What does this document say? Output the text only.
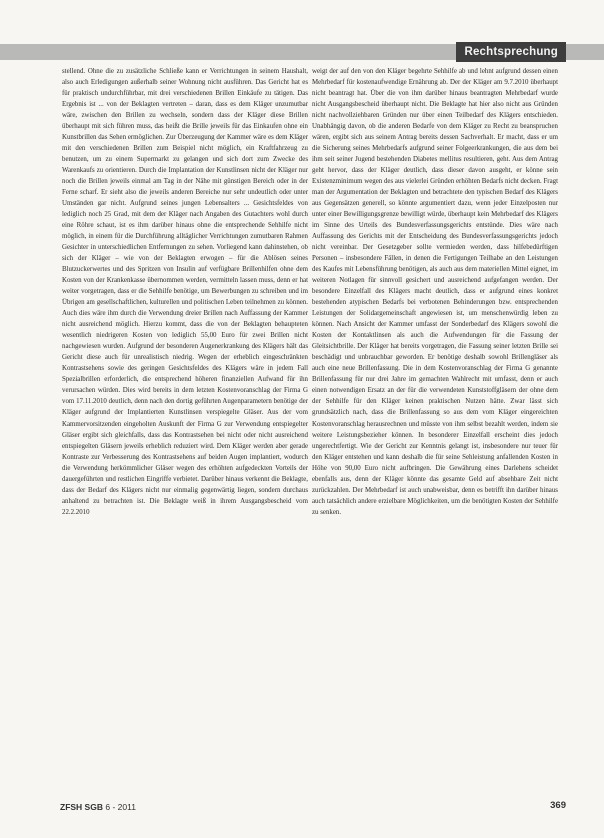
Rechtsprechung

stellend. Ohne die zu zusätzliche Schließe kann er Verrichtungen in seinem Haushalt, also auch Erledigungen außerhalb seiner Wohnung nicht ausführen. Das Gericht hat es für praktisch undurchführbar, mit drei verschiedenen Brillen Einkäufe zu tätigen. Das Ergebnis ist ... von der Beklagten vertreten – daran, dass es dem Kläger unzumutbar wäre, zwischen den Brillen zu wechseln, sondern dass der Kläger diese Brillen überhaupt mit sich führen muss, das heißt die Brille jeweils für das Einkaufen ohne ein Kunstbrillen das Sehen ermöglichen. Zur Überzeugung der Kammer wäre es dem Kläger mit den verschiedenen Brillen zum Beispiel nicht möglich, ein Kraftfahrzeug zu benutzen, um zu einem Supermarkt zu gelangen und sich dort zum Zwecke des Warenkaufs zu orientieren. Durch die Implantation der Kunstlinsen nicht der Kläger nur noch die Brillen jeweils einmal am Tag in der Nähe mit günstigen Bereich oder in der Ferne scharf. Er sieht also die jeweils anderen Bereiche nur sehr undeutlich oder unter Umständen gar nicht. Aufgrund seines jungen Lebensalters ... Gesichtsfeldes von lediglich noch 25 Grad, mit dem der Kläger nach Angaben des Gutachters wohl durch eine Röhre schaut, ist es ihm darüber hinaus ohne die entsprechende Sehhilfe nicht möglich, in einem für die Durchführung alltäglicher Verrichtungen zumutbaren Rahmen Gesichter in unterschiedlichen Entfernungen zu sehen. Vorliegend kann dahinstehen, ob sich der Kläger – wie von der Beklagten erwogen – für die Ablösen seines Blutzuckerwertes und des Spritzen von Insulin auf verfügbare Brillenhilfen ohne dem Kosten von der Krankenkasse übernommen werden, vermitteln lassen muss, denn er hat weiter vorgetragen, dass er die Sehhilfe benötige, um Bewerbungen zu schreiben und im Übrigen am gesellschaftlichen, kulturellen und politischen Leben teilnehmen zu können. Auch dies wäre ihm durch die Verwendung dreier Brillen nach Auffassung der Kammer nicht ausreichend möglich. Hierzu kommt, dass die von der Beklagten behaupteten wesentlich niedrigeren Kosten von lediglich 55,00 Euro für zwei Brillen nicht nachgewiesen wurden. Aufgrund der besonderen Augenerkrankung des Klägers hält das Gericht diese auch für unrealistisch niedrig. Wegen der erheblich eingeschränkten Kontrastsehens sowie des geringen Gesichtsfeldes des Klägers wäre in jedem Fall Spezialbrillen erforderlich, die entsprechend höheren finanziellen Aufwand für ihn verursachen würden. Dies wird bereits in dem letzten Kostenvoranschlag der Firma G vom 17.11.2010 deutlich, denn nach den dortig geführten Augenparametern benötige der Kläger aufgrund der Implantierten Kunstlinsen verspiegelte Gläser. Aus der vom Kammervorsitzenden eingeholten Auskunft der Firma G zur Verwendung entspiegelter Gläser ergibt sich gleichfalls, dass das Kontrastsehen bei nicht oder nicht ausreichend entspiegelten Gläsern jeweils erheblich reduziert wird. Dem Kläger werden aber gerade Kontraste zur Verbesserung des Kontrastsehens auf beiden Augen implantiert, wodurch die Verwendung herkömmlicher Gläser wegen des erhöhten aufgedeckten Vorteils der dauergeführten und restlichen Eingriffe verbietet. Darüber hinaus verkennt die Beklagte, dass der Bedarf des Klägers nicht nur einmalig gegenwärtig liegen, sondern durchaus anhaltend zu betrachten ist. Die Beklagte weiß in ihrem Ausgangsbescheid vom 22.2.2010

weigt der auf den von den Kläger begehrte Sehhilfe ab und lehnt aufgrund dessen einen Mehrbedarf für kostenaufwendige Ernährung ab. Der der Kläger am 9.7.2010 überhaupt nicht beantragt hat. Über die von ihm darüber hinaus beantragten Mehrbedarf wurde nicht Ausgangsbescheid überhaupt nicht. Die Beklagte hat hier also nicht aus Gründen nicht nachvollziehbaren Gründen nur über einen Teilbedarf des Klägers entschieden. Unabhängig davon, ob die anderen Bedarfe von dem Kläger zu Recht zu beanspruchen wären, ergibt sich aus seinem Antrag bereits dessen Sachverhalt. Er macht, dass er um die Sicherung seines Mehrbedarfs aufgrund seiner Folgeerkrankungen, die aus dem bei ihm seit seiner Jugend bestehenden Diabetes mellitus resultieren, geht. Aus dem Antrag geht hervor, dass der Kläger deutlich, dass dieser davon ausgeht, er könne sein Existenzminimum wegen des aus vielerlei Gründen erhöhten Bedarfs nicht decken. Fragt man der Argumentation der Beklagten und betrachtete den typischen Bedarf des Klägers aus Gegensätzen generell, so könnte argumentiert dazu, wenn jeder Einzelposten nur unter einer Bewilligungsgrenze bewilligt würde, überhaupt kein Mehrbedarf des Klägers im Sinne des Urteils des Bundesverfassungsgerichts entstünde. Dies wäre nach Auffassung des Gerichts mit der Entscheidung des Bundesverfassungsgerichts jedoch nicht vereinbar. Der Gesetzgeber sollte vermieden werden, dass hilfebedürftigen Personen – insbesondere Fällen, in denen die Fertigungen Teilhabe an den Leistungen des Kaufes mit Lebensführung benötigen, als auch aus dem materiellen Mittel eignet, im weiteren Notlagen für sinnvoll gesichert und ausreichend aufgefangen werden. Der besondere Einzelfall des Klägers macht deutlich, dass er aufgrund eines konkret bestehenden atypischen Bedarfs bei verbotenen Behinderungen bzw. entsprechenden Leistungen der Solidargemeinschaft angewiesen ist, um menschenwürdig leben zu können. Nach Ansicht der Kammer umfasst der Sonderbedarf des Klägers sowohl die Kosten der Kontaktlinsen als auch die Aufwendungen für die Fassung der Gleitsichtbrille. Der Kläger hat bereits vorgetragen, die Fassung seiner letzten Brille sei beschädigt und unbrauchbar geworden. Er benötige deshalb sowohl Brillengläser als auch eine neue Brillenfassung. Die in dem Kostenvoranschlag der Firma G genannte Brillenfassung für nur drei Jahre im gemachten Wahlrecht mit umfasst, denn er auch einen notwendigen Ersatz an der für die verwendeten Kunststoffgläsern der ohne dem der Sehhilfe für den Kläger keinen praktischen Nutzen hätte. Zwar lässt sich grundsätzlich nach, dass die Brillenfassung so aus dem vom Kläger eingereichten Kostenvoranschlag herausrechnen und müsste von ihm selbst bezahlt werden, indem sie weitere Leistungsbezieher können. In besonderer Einzelfall erscheint dies jedoch ungerechtfertigt. Wie der Gericht zur Kenntnis gelangt ist, insbesondere nur teuer für den Kläger entstehen und kann deshalb die für seine Sehleistung anfallenden Kosten in Höhe von 90,00 Euro nicht aufbringen. Die Gewährung eines Darlehens scheidet ebenfalls aus, denn der Kläger könnte das gesamte Geld auf absehbare Zeit nicht zurückzahlen. Der Mehrbedarf ist auch unabweisbar, denn es betrifft ihn darüber hinaus auch tatsächlich andere erzielbare Möglichkeiten, um die benötigten Kosten der Sehhilfe zu senken.

ZFSH SGB 6 - 2011	369
